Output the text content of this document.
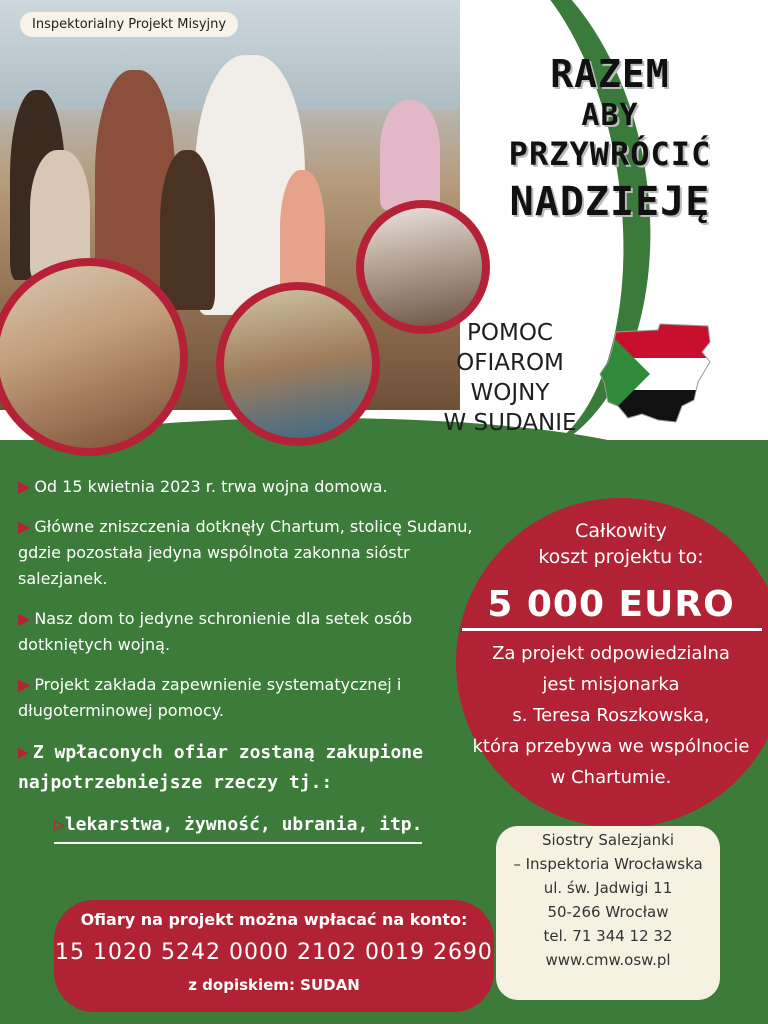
Inspektorialny Projekt Misyjny
RAZEM
ABY
PRZYWRÓCIĆ
NADZIEJĘ
POMOC
OFIAROM
WOJNY
W SUDANIE
▶ Od 15 kwietnia 2023 r. trwa wojna domowa.
▶ Główne zniszczenia dotknęły Chartum, stolicę Sudanu, gdzie pozostała jedyna wspólnota zakonna sióstr salezjanek.
▶ Nasz dom to jedyne schronienie dla setek osób dotkniętych wojną.
▶ Projekt zakłada zapewnienie systematycznej i długoterminowej pomocy.
▶ Z wpłaconych ofiar zostaną zakupione najpotrzebniejsze rzeczy tj.:
▷lekarstwa, żywność, ubrania, itp.
Całkowity
koszt projektu to:
5 000 EURO
Za projekt odpowiedzialna
jest misjonarka
s. Teresa Roszkowska,
która przebywa we wspólnocie
w Chartumie.
Siostry Salezjanki
– Inspektoria Wrocławska
ul. św. Jadwigi 11
50-266 Wrocław
tel. 71 344 12 32
www.cmw.osw.pl
Ofiary na projekt można wpłacać na konto:
15 1020 5242 0000 2102 0019 2690
z dopiskiem: SUDAN
